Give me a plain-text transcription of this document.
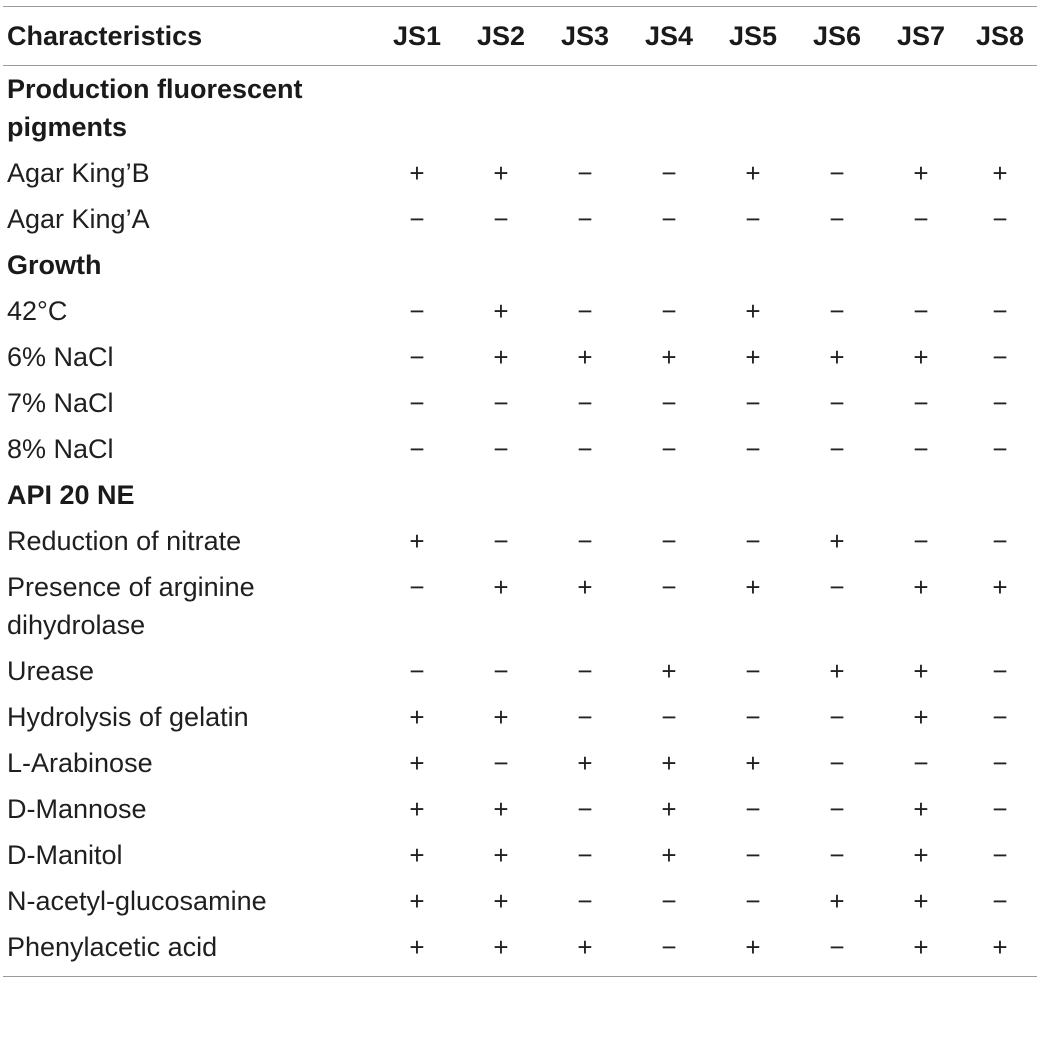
Characteristics	JS1	JS2	JS3	JS4	JS5	JS6	JS7	JS8
Production fluorescent pigments								
Agar King’B	+	+	−	−	+	−	+	+
Agar King’A	−	−	−	−	−	−	−	−
Growth								
42°C	−	+	−	−	+	−	−	−
6% NaCl	−	+	+	+	+	+	+	−
7% NaCl	−	−	−	−	−	−	−	−
8% NaCl	−	−	−	−	−	−	−	−
API 20 NE								
Reduction of nitrate	+	−	−	−	−	+	−	−
Presence of arginine dihydrolase	−	+	+	−	+	−	+	+
Urease	−	−	−	+	−	+	+	−
Hydrolysis of gelatin	+	+	−	−	−	−	+	−
L-Arabinose	+	−	+	+	+	−	−	−
D-Mannose	+	+	−	+	−	−	+	−
D-Manitol	+	+	−	+	−	−	+	−
N-acetyl-glucosamine	+	+	−	−	−	+	+	−
Phenylacetic acid	+	+	+	−	+	−	+	+
